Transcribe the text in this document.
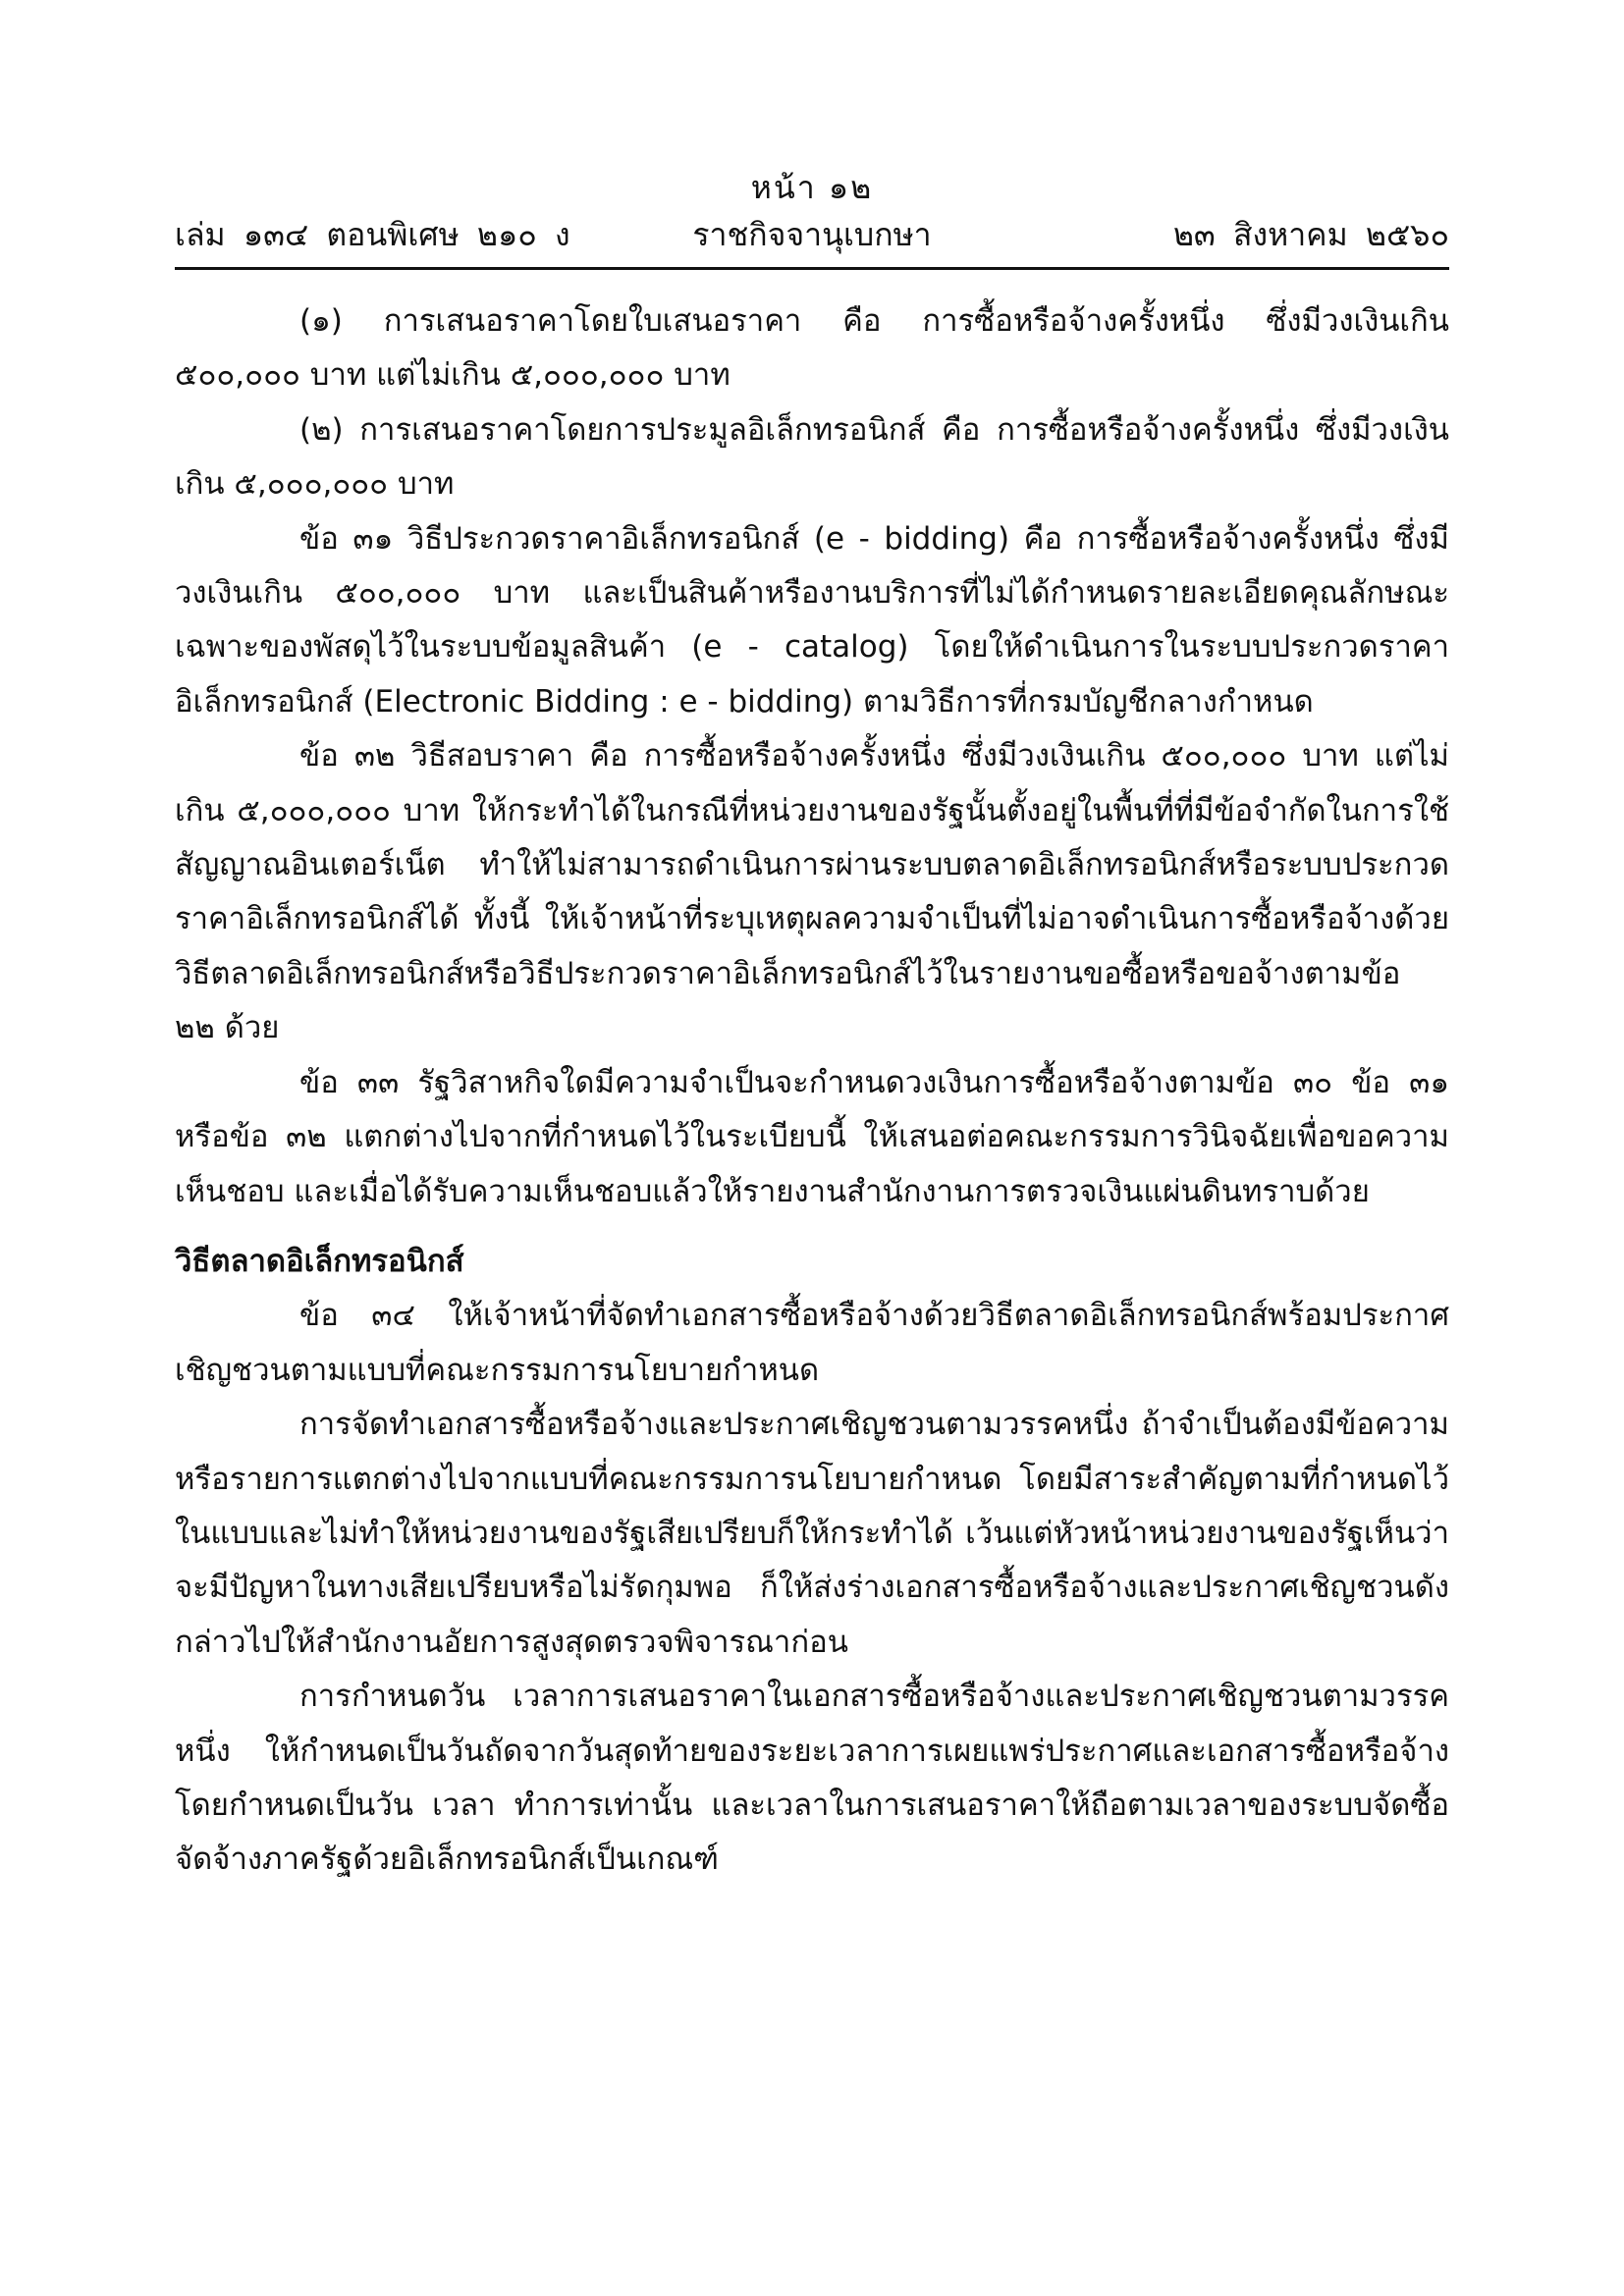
หน้า ๑๒
เล่ม ๑๓๔ ตอนพิเศษ ๒๑๐ ง	ราชกิจจานุเบกษา	๒๓ สิงหาคม ๒๕๖๐

(๑) การเสนอราคาโดยใบเสนอราคา คือ การซื้อหรือจ้างครั้งหนึ่ง ซึ่งมีวงเงินเกิน ๕๐๐,๐๐๐ บาท แต่ไม่เกิน ๕,๐๐๐,๐๐๐ บาท

(๒) การเสนอราคาโดยการประมูลอิเล็กทรอนิกส์ คือ การซื้อหรือจ้างครั้งหนึ่ง ซึ่งมีวงเงินเกิน ๕,๐๐๐,๐๐๐ บาท

ข้อ ๓๑ วิธีประกวดราคาอิเล็กทรอนิกส์ (e - bidding) คือ การซื้อหรือจ้างครั้งหนึ่ง ซึ่งมีวงเงินเกิน ๕๐๐,๐๐๐ บาท และเป็นสินค้าหรืองานบริการที่ไม่ได้กำหนดรายละเอียดคุณลักษณะเฉพาะของพัสดุไว้ในระบบข้อมูลสินค้า (e - catalog) โดยให้ดำเนินการในระบบประกวดราคาอิเล็กทรอนิกส์ (Electronic Bidding : e - bidding) ตามวิธีการที่กรมบัญชีกลางกำหนด

ข้อ ๓๒ วิธีสอบราคา คือ การซื้อหรือจ้างครั้งหนึ่ง ซึ่งมีวงเงินเกิน ๕๐๐,๐๐๐ บาท แต่ไม่เกิน ๕,๐๐๐,๐๐๐ บาท ให้กระทำได้ในกรณีที่หน่วยงานของรัฐนั้นตั้งอยู่ในพื้นที่ที่มีข้อจำกัดในการใช้สัญญาณอินเตอร์เน็ต ทำให้ไม่สามารถดำเนินการผ่านระบบตลาดอิเล็กทรอนิกส์หรือระบบประกวดราคาอิเล็กทรอนิกส์ได้ ทั้งนี้ ให้เจ้าหน้าที่ระบุเหตุผลความจำเป็นที่ไม่อาจดำเนินการซื้อหรือจ้างด้วยวิธีตลาดอิเล็กทรอนิกส์หรือวิธีประกวดราคาอิเล็กทรอนิกส์ไว้ในรายงานขอซื้อหรือขอจ้างตามข้อ ๒๒ ด้วย

ข้อ ๓๓ รัฐวิสาหกิจใดมีความจำเป็นจะกำหนดวงเงินการซื้อหรือจ้างตามข้อ ๓๐ ข้อ ๓๑ หรือข้อ ๓๒ แตกต่างไปจากที่กำหนดไว้ในระเบียบนี้ ให้เสนอต่อคณะกรรมการวินิจฉัยเพื่อขอความเห็นชอบ และเมื่อได้รับความเห็นชอบแล้วให้รายงานสำนักงานการตรวจเงินแผ่นดินทราบด้วย

วิธีตลาดอิเล็กทรอนิกส์

ข้อ ๓๔ ให้เจ้าหน้าที่จัดทำเอกสารซื้อหรือจ้างด้วยวิธีตลาดอิเล็กทรอนิกส์พร้อมประกาศเชิญชวนตามแบบที่คณะกรรมการนโยบายกำหนด

การจัดทำเอกสารซื้อหรือจ้างและประกาศเชิญชวนตามวรรคหนึ่ง ถ้าจำเป็นต้องมีข้อความหรือรายการแตกต่างไปจากแบบที่คณะกรรมการนโยบายกำหนด โดยมีสาระสำคัญตามที่กำหนดไว้ในแบบและไม่ทำให้หน่วยงานของรัฐเสียเปรียบก็ให้กระทำได้ เว้นแต่หัวหน้าหน่วยงานของรัฐเห็นว่าจะมีปัญหาในทางเสียเปรียบหรือไม่รัดกุมพอ ก็ให้ส่งร่างเอกสารซื้อหรือจ้างและประกาศเชิญชวนดังกล่าวไปให้สำนักงานอัยการสูงสุดตรวจพิจารณาก่อน

การกำหนดวัน เวลาการเสนอราคาในเอกสารซื้อหรือจ้างและประกาศเชิญชวนตามวรรคหนึ่ง ให้กำหนดเป็นวันถัดจากวันสุดท้ายของระยะเวลาการเผยแพร่ประกาศและเอกสารซื้อหรือจ้าง โดยกำหนดเป็นวัน เวลา ทำการเท่านั้น และเวลาในการเสนอราคาให้ถือตามเวลาของระบบจัดซื้อจัดจ้างภาครัฐด้วยอิเล็กทรอนิกส์เป็นเกณฑ์
